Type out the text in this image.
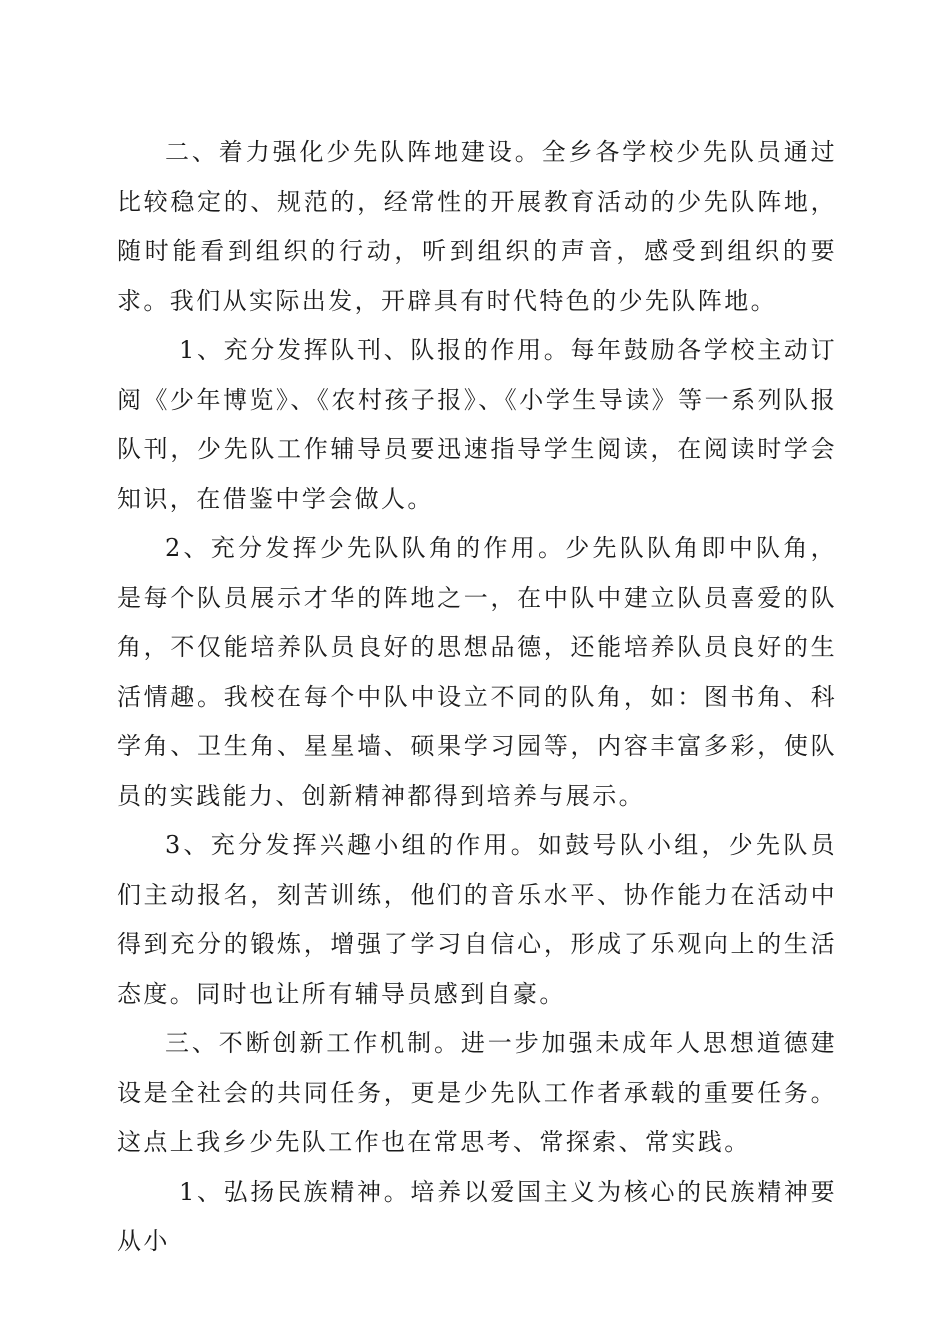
二、着力强化少先队阵地建设。全乡各学校少先队员通过比较稳定的、规范的，经常性的开展教育活动的少先队阵地，随时能看到组织的行动，听到组织的声音，感受到组织的要求。我们从实际出发，开辟具有时代特色的少先队阵地。

1、充分发挥队刊、队报的作用。每年鼓励各学校主动订阅《少年博览》、《农村孩子报》、《小学生导读》等一系列队报队刊，少先队工作辅导员要迅速指导学生阅读，在阅读时学会知识，在借鉴中学会做人。

2、充分发挥少先队队角的作用。少先队队角即中队角，是每个队员展示才华的阵地之一，在中队中建立队员喜爱的队角，不仅能培养队员良好的思想品德，还能培养队员良好的生活情趣。我校在每个中队中设立不同的队角，如：图书角、科学角、卫生角、星星墙、硕果学习园等，内容丰富多彩，使队员的实践能力、创新精神都得到培养与展示。

3、充分发挥兴趣小组的作用。如鼓号队小组，少先队员们主动报名，刻苦训练，他们的音乐水平、协作能力在活动中得到充分的锻炼，增强了学习自信心，形成了乐观向上的生活态度。同时也让所有辅导员感到自豪。

三、不断创新工作机制。进一步加强未成年人思想道德建设是全社会的共同任务，更是少先队工作者承载的重要任务。这点上我乡少先队工作也在常思考、常探索、常实践。

1、弘扬民族精神。培养以爱国主义为核心的民族精神要从小
